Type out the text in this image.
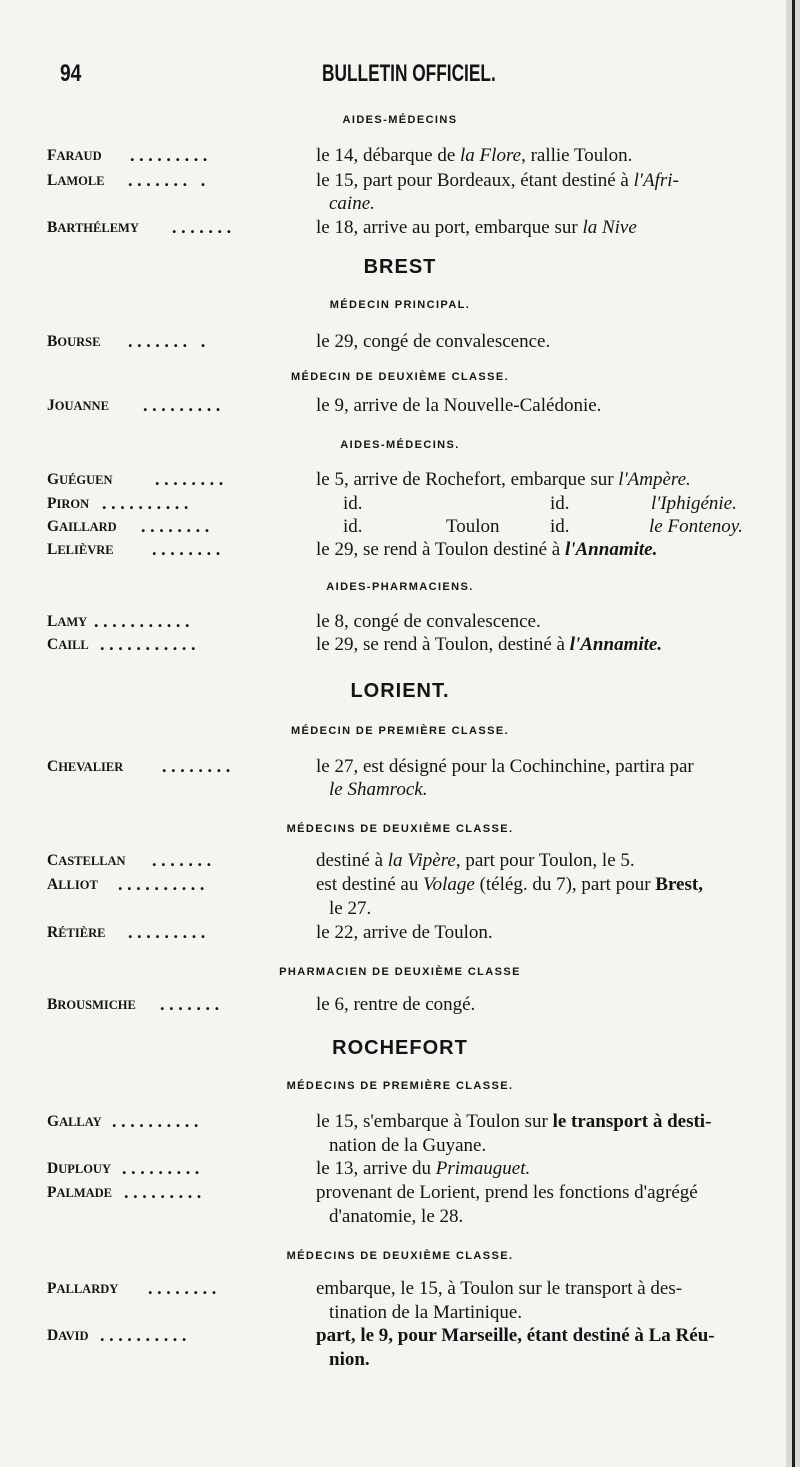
94	BULLETIN OFFICIEL.
AIDES-MÉDECINS
FARAUD .........	le 14, débarque de la Flore, rallie Toulon.
LAMOLE ....... .	le 15, part pour Bordeaux, étant destiné à l'Afri-
caine.
BARTHÉLEMY .......	le 18, arrive au port, embarque sur la Nive
BREST
MÉDECIN PRINCIPAL.
BOURSE ....... .	le 29, congé de convalescence.
MÉDECIN DE DEUXIÈME CLASSE.
JOUANNE .........	le 9, arrive de la Nouvelle-Calédonie.
AIDES-MÉDECINS.
GUÉGUEN ........	le 5, arrive de Rochefort, embarque sur l'Ampère.
PIRON ..........	id.	id.	l'Iphigénie.
GAILLARD ........	id.	Toulon	id.	le Fontenoy.
LELIÈVRE ........	le 29, se rend à Toulon destiné à l'Annamite.
AIDES-PHARMACIENS.
LAMY ...........	le 8, congé de convalescence.
CAILL ...........	le 29, se rend à Toulon, destiné à l'Annamite.
LORIENT.
MÉDECIN DE PREMIÈRE CLASSE.
CHEVALIER ........	le 27, est désigné pour la Cochinchine, partira par
le Shamrock.
MÉDECINS DE DEUXIÈME CLASSE.
CASTELLAN .......	destiné à la Vipère, part pour Toulon, le 5.
ALLIOT ..........	est destiné au Volage (télég. du 7), part pour Brest,
le 27.
RÉTIÈRE .........	le 22, arrive de Toulon.
PHARMACIEN DE DEUXIÈME CLASSE
BROUSMICHE .......	le 6, rentre de congé.
ROCHEFORT
MÉDECINS DE PREMIÈRE CLASSE.
GALLAY ..........	le 15, s'embarque à Toulon sur le transport à desti-
nation de la Guyane.
DUPLOUY .........	le 13, arrive du Primauguet.
PALMADE .........	provenant de Lorient, prend les fonctions d'agrégé
d'anatomie, le 28.
MÉDECINS DE DEUXIÈME CLASSE.
PALLARDY ........	embarque, le 15, à Toulon sur le transport à des-
tination de la Martinique.
DAVID ..........	part, le 9, pour Marseille, étant destiné à La Réu-
nion.
